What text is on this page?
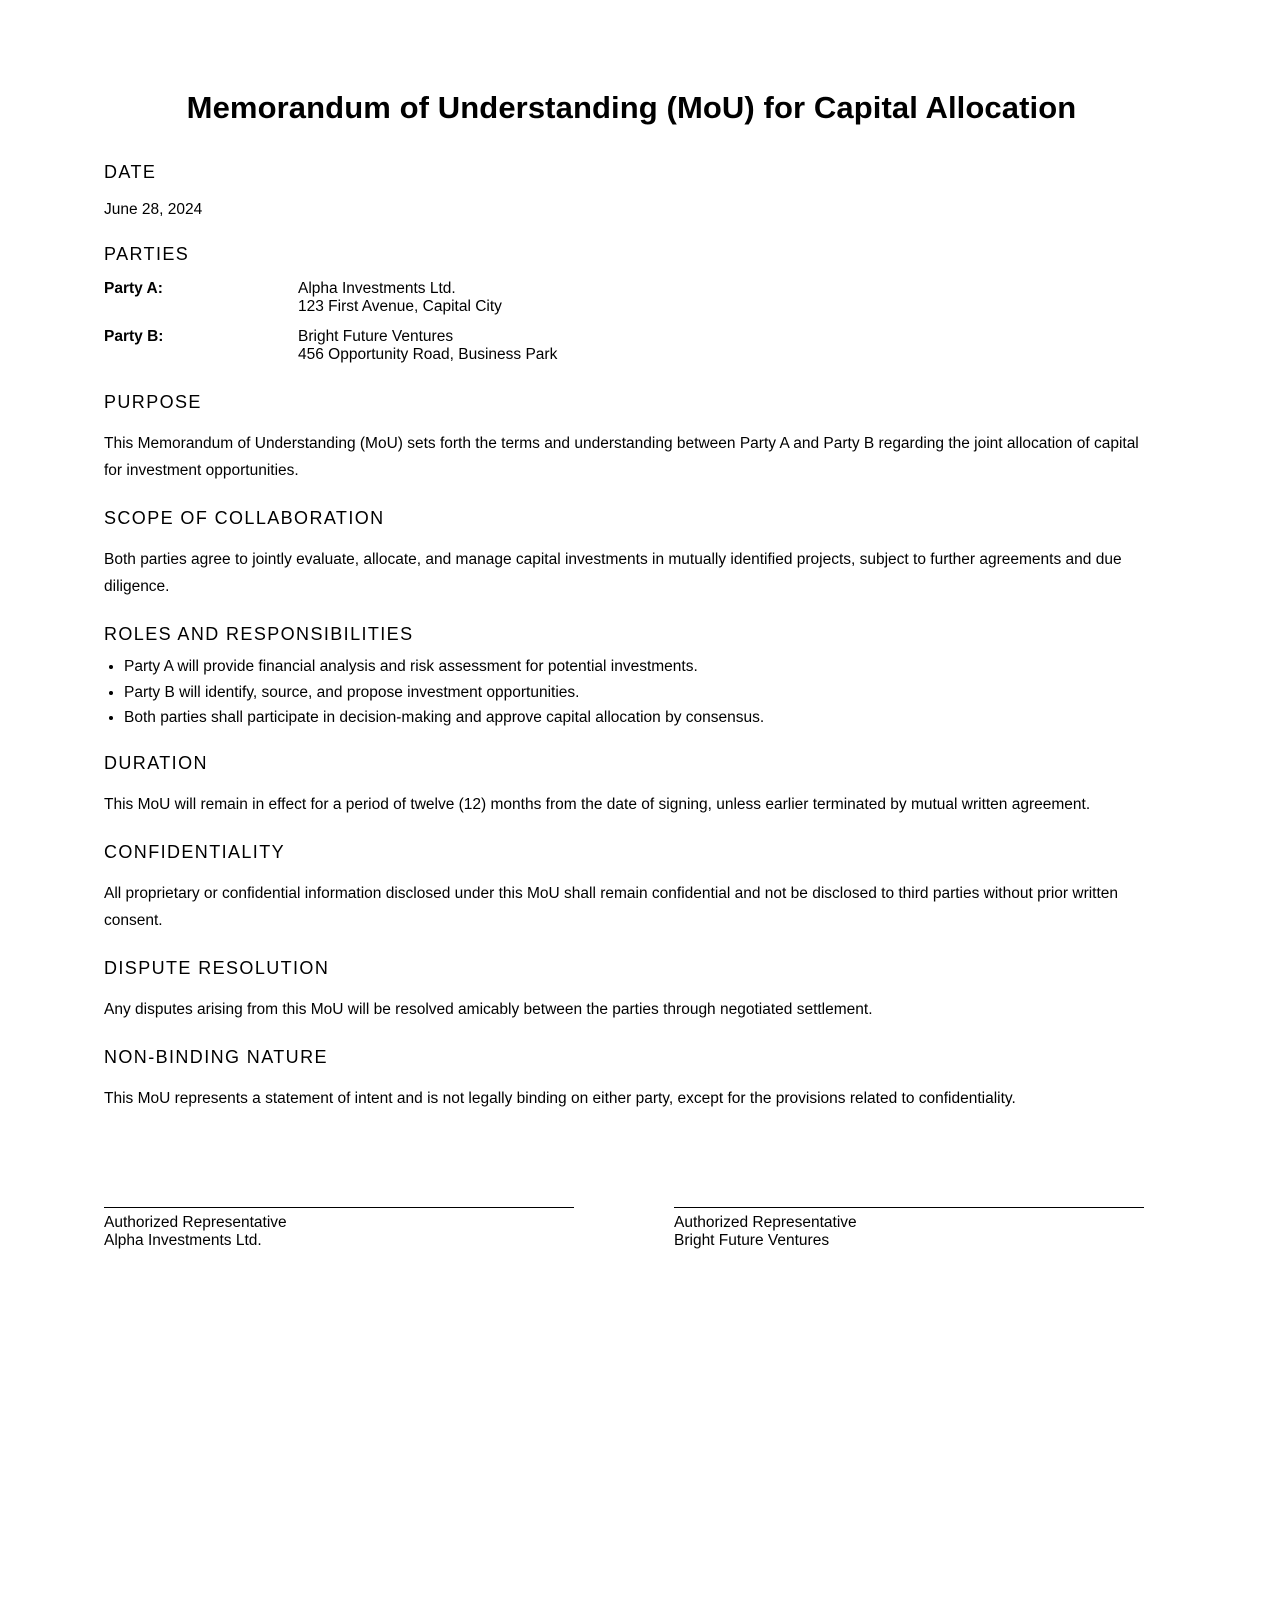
Memorandum of Understanding (MoU) for Capital Allocation
DATE

June 28, 2024

PARTIES
Party A:	Alpha Investments Ltd.
123 First Avenue, Capital City
Party B:	Bright Future Ventures
456 Opportunity Road, Business Park
PURPOSE

This Memorandum of Understanding (MoU) sets forth the terms and understanding between Party A and Party B regarding the joint allocation of capital for investment opportunities.

SCOPE OF COLLABORATION

Both parties agree to jointly evaluate, allocate, and manage capital investments in mutually identified projects, subject to further agreements and due diligence.

ROLES AND RESPONSIBILITIES
• Party A will provide financial analysis and risk assessment for potential investments.
• Party B will identify, source, and propose investment opportunities.
• Both parties shall participate in decision-making and approve capital allocation by consensus.
DURATION

This MoU will remain in effect for a period of twelve (12) months from the date of signing, unless earlier terminated by mutual written agreement.

CONFIDENTIALITY

All proprietary or confidential information disclosed under this MoU shall remain confidential and not be disclosed to third parties without prior written consent.

DISPUTE RESOLUTION

Any disputes arising from this MoU will be resolved amicably between the parties through negotiated settlement.

NON-BINDING NATURE

This MoU represents a statement of intent and is not legally binding on either party, except for the provisions related to confidentiality.

Authorized Representative
Alpha Investments Ltd.
Authorized Representative
Bright Future Ventures
